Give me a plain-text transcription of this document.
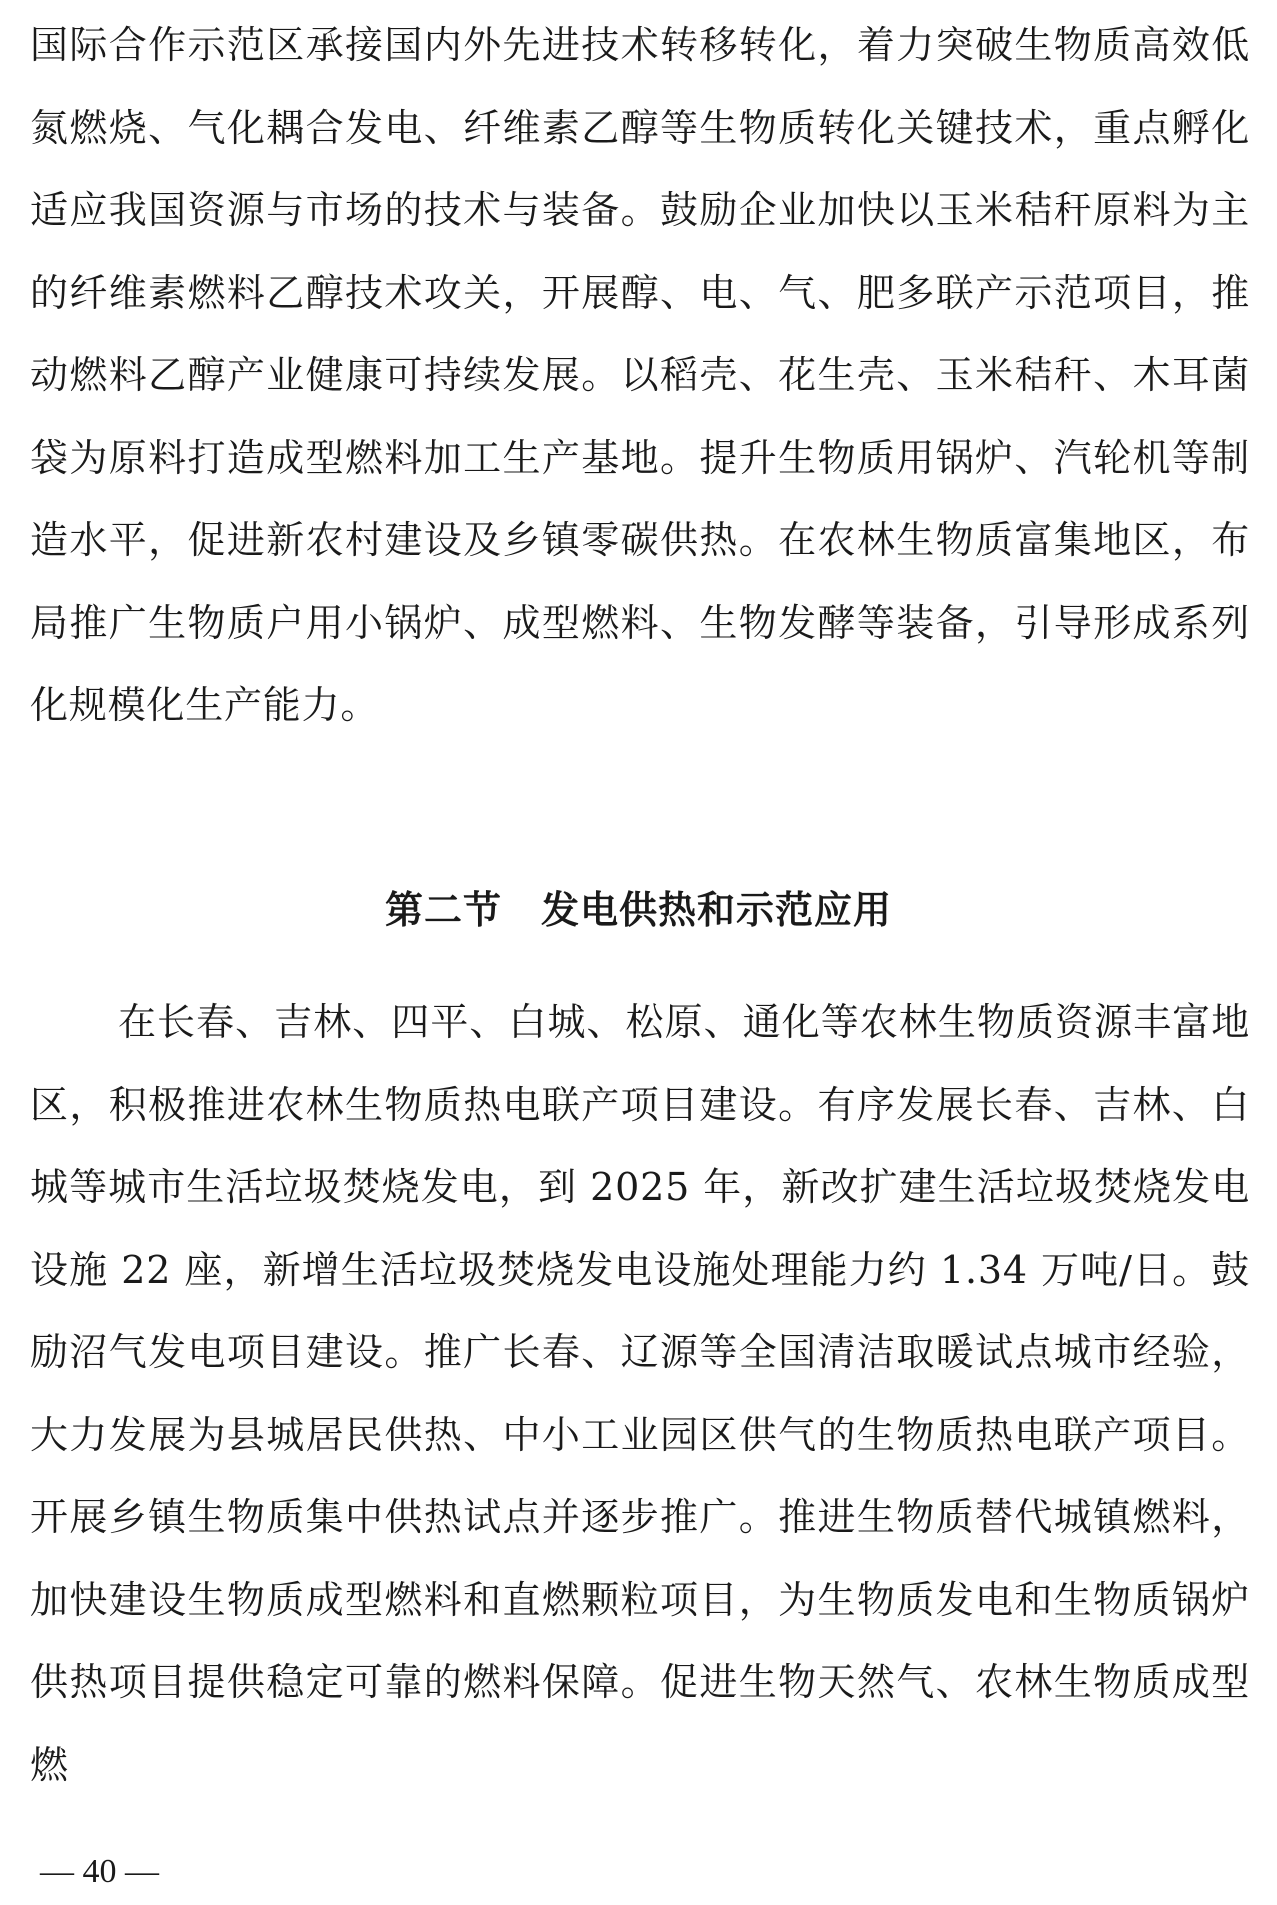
国际合作示范区承接国内外先进技术转移转化，着力突破生物质高效低氮燃烧、气化耦合发电、纤维素乙醇等生物质转化关键技术，重点孵化适应我国资源与市场的技术与装备。鼓励企业加快以玉米秸秆原料为主的纤维素燃料乙醇技术攻关，开展醇、电、气、肥多联产示范项目，推动燃料乙醇产业健康可持续发展。以稻壳、花生壳、玉米秸秆、木耳菌袋为原料打造成型燃料加工生产基地。提升生物质用锅炉、汽轮机等制造水平，促进新农村建设及乡镇零碳供热。在农林生物质富集地区，布局推广生物质户用小锅炉、成型燃料、生物发酵等装备，引导形成系列化规模化生产能力。

第二节　发电供热和示范应用

在长春、吉林、四平、白城、松原、通化等农林生物质资源丰富地区，积极推进农林生物质热电联产项目建设。有序发展长春、吉林、白城等城市生活垃圾焚烧发电，到 2025 年，新改扩建生活垃圾焚烧发电设施 22 座，新增生活垃圾焚烧发电设施处理能力约 1.34 万吨/日。鼓励沼气发电项目建设。推广长春、辽源等全国清洁取暖试点城市经验，大力发展为县城居民供热、中小工业园区供气的生物质热电联产项目。开展乡镇生物质集中供热试点并逐步推广。推进生物质替代城镇燃料，加快建设生物质成型燃料和直燃颗粒项目，为生物质发电和生物质锅炉供热项目提供稳定可靠的燃料保障。促进生物天然气、农林生物质成型燃

— 40 —
